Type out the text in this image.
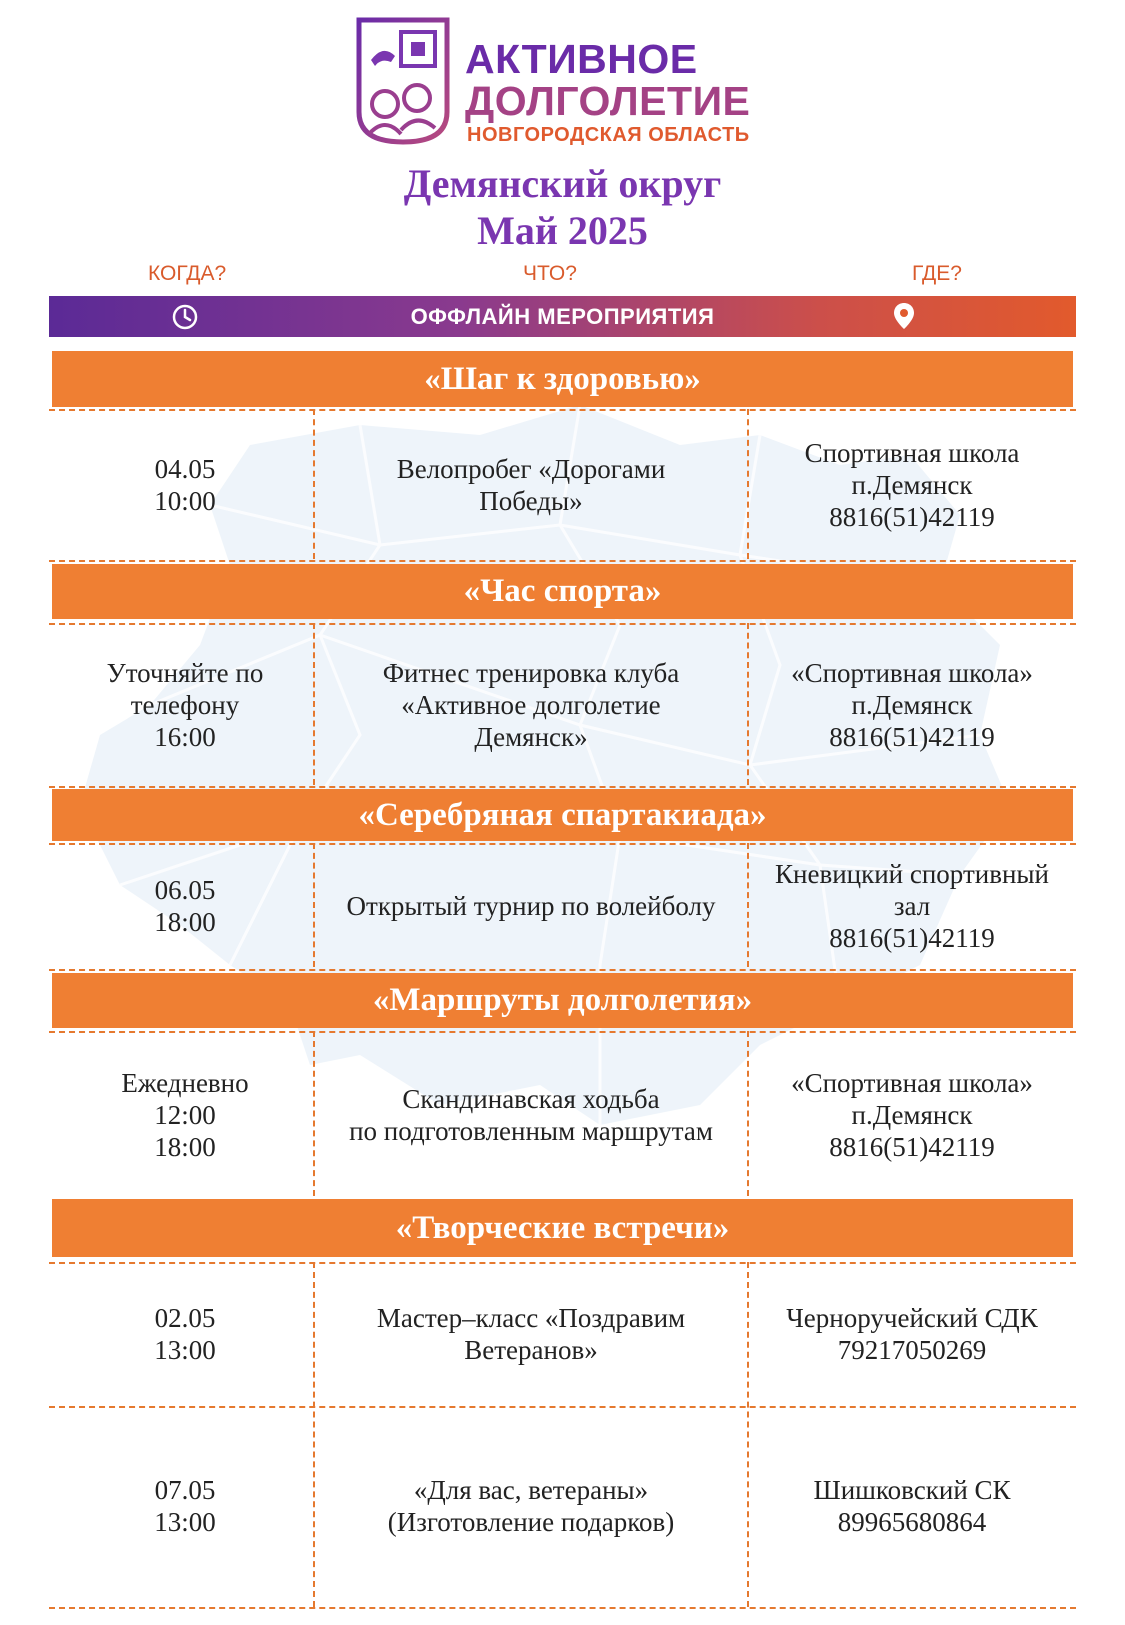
АКТИВНОЕ
ДОЛГОЛЕТИЕ
НОВГОРОДСКАЯ ОБЛАСТЬ
Демянский округ
Май 2025
КОГДА?	ЧТО?	ГДЕ?
ОФФЛАЙН МЕРОПРИЯТИЯ
«Шаг к здоровью»
04.05
10:00
Велопробег «Дорогами
Победы»
Спортивная школа
п.Демянск
8816(51)42119
«Час спорта»
Уточняйте по
телефону
16:00
Фитнес тренировка клуба
«Активное долголетие
Демянск»
«Спортивная школа»
п.Демянск
8816(51)42119
«Серебряная спартакиада»
06.05
18:00
Открытый турнир по волейболу
Кневицкий спортивный
зал
8816(51)42119
«Маршруты долголетия»
Ежедневно
12:00
18:00
Скандинавская ходьба
по подготовленным маршрутам
«Спортивная школа»
п.Демянск
8816(51)42119
«Творческие встречи»
02.05
13:00
Мастер–класс «Поздравим
Ветеранов»
Черноручейский СДК
79217050269
07.05
13:00
«Для вас, ветераны»
(Изготовление подарков)
Шишковский СК
89965680864
